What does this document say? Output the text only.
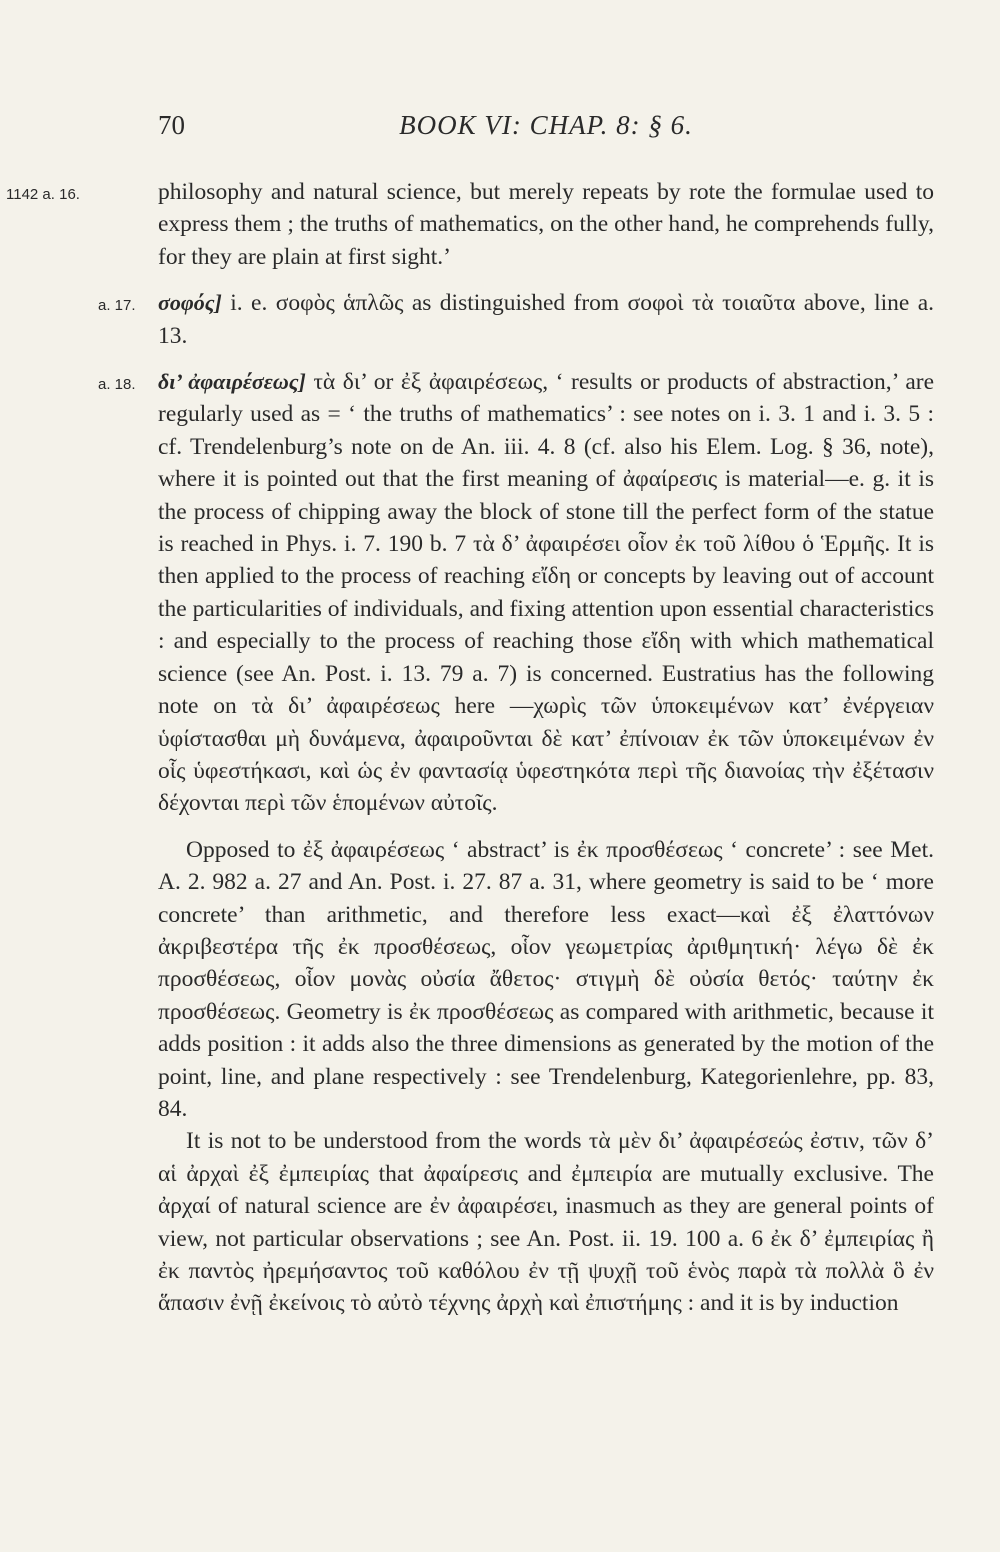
70	BOOK VI: CHAP. 8: § 6.
1142 a. 16.	philosophy and natural science, but merely repeats by rote the formulae used to express them ; the truths of mathematics, on the other hand, he comprehends fully, for they are plain at first sight.’
a. 17. σοφός] i. e. σοφὸς ἁπλῶς as distinguished from σοφοὶ τὰ τοιαῦτα above, line a. 13.
a. 18. δι’ ἀφαιρέσεως] τὰ δι’ or ἐξ ἀφαιρέσεως, ‘ results or products of abstraction,’ are regularly used as = ‘ the truths of mathematics’ : see notes on i. 3. 1 and i. 3. 5 : cf. Trendelenburg’s note on de An. iii. 4. 8 (cf. also his Elem. Log. § 36, note), where it is pointed out that the first meaning of ἀφαίρεσις is material—e. g. it is the process of chipping away the block of stone till the perfect form of the statue is reached in Phys. i. 7. 190 b. 7 τὰ δ’ ἀφαιρέσει οἷον ἐκ τοῦ λίθου ὁ Ἑρμῆς. It is then applied to the process of reaching εἴδη or concepts by leaving out of account the particularities of individuals, and fixing attention upon essential characteristics : and especially to the process of reaching those εἴδη with which mathematical science (see An. Post. i. 13. 79 a. 7) is concerned. Eustratius has the following note on τὰ δι’ ἀφαιρέσεως here —χωρὶς τῶν ὑποκειμένων κατ’ ἐνέργειαν ὑφίστασθαι μὴ δυνάμενα, ἀφαιροῦνται δὲ κατ’ ἐπίνοιαν ἐκ τῶν ὑποκειμένων ἐν οἷς ὑφεστήκασι, καὶ ὡς ἐν φαντασίᾳ ὑφεστηκότα περὶ τῆς διανοίας τὴν ἐξέτασιν δέχονται περὶ τῶν ἑπομένων αὐτοῖς.

Opposed to ἐξ ἀφαιρέσεως ‘ abstract’ is ἐκ προσθέσεως ‘ concrete’ : see Met. A. 2. 982 a. 27 and An. Post. i. 27. 87 a. 31, where geometry is said to be ‘ more concrete’ than arithmetic, and therefore less exact—καὶ ἐξ ἐλαττόνων ἀκριβεστέρα τῆς ἐκ προσθέσεως, οἷον γεωμετρίας ἀριθμητική· λέγω δὲ ἐκ προσθέσεως, οἷον μονὰς οὐσία ἄθετος· στιγμὴ δὲ οὐσία θετός· ταύτην ἐκ προσθέσεως. Geometry is ἐκ προσθέσεως as compared with arithmetic, because it adds position : it adds also the three dimensions as generated by the motion of the point, line, and plane respectively : see Trendelenburg, Kategorienlehre, pp. 83, 84.

It is not to be understood from the words τὰ μὲν δι’ ἀφαιρέσεώς ἐστιν, τῶν δ’ αἱ ἀρχαὶ ἐξ ἐμπειρίας that ἀφαίρεσις and ἐμπειρία are mutually exclusive. The ἀρχαί of natural science are ἐν ἀφαιρέσει, inasmuch as they are general points of view, not particular observations ; see An. Post. ii. 19. 100 a. 6 ἐκ δ’ ἐμπειρίας ἢ ἐκ παντὸς ἠρεμήσαντος τοῦ καθόλου ἐν τῇ ψυχῇ τοῦ ἑνὸς παρὰ τὰ πολλὰ ὃ ἐν ἅπασιν ἐνῇ ἐκείνοις τὸ αὐτὸ τέχνης ἀρχὴ καὶ ἐπιστήμης : and it is by induction
